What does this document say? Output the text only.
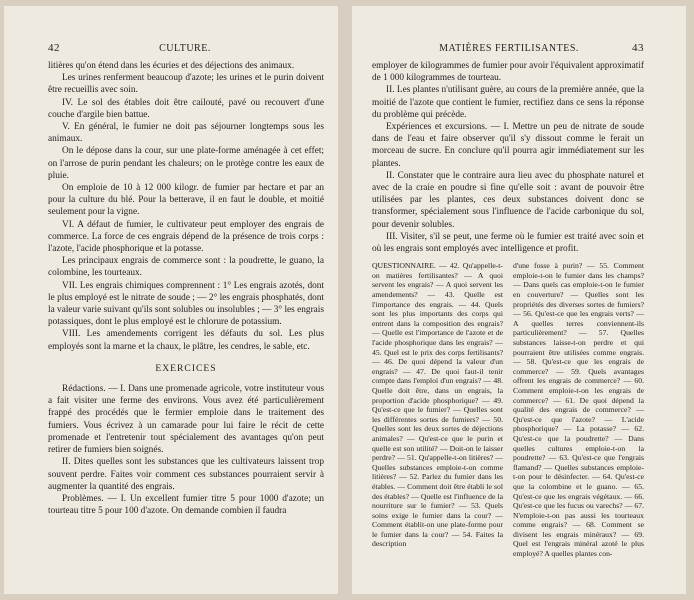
42	CULTURE.

litières qu'on étend dans les écuries et des déjections des animaux.

Les urines renferment beaucoup d'azote; les urines et le purin doivent être recueillis avec soin.

IV. Le sol des étables doit être cailouté, pavé ou recouvert d'une couche d'argile bien battue.

V. En général, le fumier ne doit pas séjourner longtemps sous les animaux.

On le dépose dans la cour, sur une plate-forme aménagée à cet effet; on l'arrose de purin pendant les chaleurs; on le protège contre les eaux de pluie.

On emploie de 10 à 12 000 kilogr. de fumier par hectare et par an pour la culture du blé. Pour la betterave, il en faut le double, et moitié seulement pour la vigne.

VI. A défaut de fumier, le cultivateur peut employer des engrais de commerce. La force de ces engrais dépend de la présence de trois corps : l'azote, l'acide phosphorique et la potasse.

Les principaux engrais de commerce sont : la poudrette, le guano, la colombine, les tourteaux.

VII. Les engrais chimiques comprennent : 1° Les engrais azotés, dont le plus employé est le nitrate de soude ; — 2° les engrais phosphatés, dont la valeur varie suivant qu'ils sont solubles ou insolubles ; — 3° les engrais potassiques, dont le plus employé est le chlorure de potassium.

VIII. Les amendements corrigent les défauts du sol. Les plus employés sont la marne et la chaux, le plâtre, les cendres, le sable, etc.

EXERCICES

Rédactions. — I. Dans une promenade agricole, votre instituteur vous a fait visiter une ferme des environs. Vous avez été particulièrement frappé des procédés que le fermier emploie dans le traitement des fumiers. Vous écrivez à un camarade pour lui faire le récit de cette promenade et l'entretenir tout spécialement des avantages qu'on peut retirer de fumiers bien soignés.

II. Dites quelles sont les substances que les cultivateurs laissent trop souvent perdre. Faites voir comment ces substances pourraient servir à augmenter la quantité des engrais.

Problèmes. — I. Un excellent fumier titre 5 pour 1000 d'azote; un tourteau titre 5 pour 100 d'azote. On demande combien il faudra

MATIÈRES FERTILISANTES.	43

employer de kilogrammes de fumier pour avoir l'équivalent approximatif de 1 000 kilogrammes de tourteau.

II. Les plantes n'utilisant guère, au cours de la première année, que la moitié de l'azote que contient le fumier, rectifiez dans ce sens la réponse du problème qui précède.

Expériences et excursions. — I. Mettre un peu de nitrate de soude dans de l'eau et faire observer qu'il s'y dissout comme le ferait un morceau de sucre. En conclure qu'il pourra agir immédiatement sur les plantes.

II. Constater que le contraire aura lieu avec du phosphate naturel et avec de la craie en poudre si fine qu'elle soit : avant de pouvoir être utilisées par les plantes, ces deux substances doivent donc se transformer, spécialement sous l'influence de l'acide carbonique du sol, pour devenir solubles.

III. Visiter, s'il se peut, une ferme où le fumier est traité avec soin et où les engrais sont employés avec intelligence et profit.

QUESTIONNAIRE. — 42. Qu'appelle-t-on matières fertilisantes? — A quoi servent les engrais? — A quoi servent les amendements? — 43. Quelle est l'importance des engrais. — 44. Quels sont les plus importants des corps qui entrent dans la composition des engrais? — Quelle est l'importance de l'azote et de l'acide phosphorique dans les engrais? — 45. Quel est le prix des corps fertilisants? — 46. De quoi dépend la valeur d'un engrais? — 47. De quoi faut-il tenir compte dans l'emploi d'un engrais? — 48. Quelle doit être, dans un engrais, la proportion d'acide phosphorique? — 49. Qu'est-ce que le fumier? — Quelles sont les différentes sortes de fumiers? — 50. Quelles sont les deux sortes de déjections animales? — Qu'est-ce que le purin et quelle est son utilité? — Doit-on le laisser perdre? — 51. Qu'appelle-t-on litières? — Quelles substances emploie-t-on comme litières? — 52. Parlez du fumier dans les étables. — Comment doit être établi le sol des étables? — Quelle est l'influence de la nourriture sur le fumier? — 53. Quels soins exige le fumier dans la cour? — Comment établit-on une plate-forme pour le fumier dans la cour? — 54. Faites la description
d'une fosse à purin? — 55. Comment emploie-t-on le fumier dans les champs? — Dans quels cas emploie-t-on le fumier en couverture? — Quelles sont les propriétés des diverses sortes de fumiers? — 56. Qu'est-ce que les engrais verts? — A quelles terres conviennent-ils particulièrement? — 57. Quelles substances laisse-t-on perdre et qui pourraient être utilisées comme engrais. — 58. Qu'est-ce que les engrais de commerce? — 59. Quels avantages offrent les engrais de commerce? — 60. Comment emploie-t-on les engrais de commerce? — 61. De quoi dépend la qualité des engrais de commerce? — Qu'est-ce que l'azote? — L'acide phosphorique? — La potasse? — 62. Qu'est-ce que la poudrette? — Dans quelles cultures emploie-t-on la poudrette? — 63. Qu'est-ce que l'engrais flamand? — Quelles substances emploie-t-on pour le désinfecter. — 64. Qu'est-ce que la colombine et le guano. — 65. Qu'est-ce que les engrais végétaux. — 66. Qu'est-ce que les fucus ou varechs? — 67. N'emploie-t-on pas aussi les tourteaux comme engrais? — 68. Comment se divisent les engrais minéraux? — 69. Quel est l'engrais minéral azoté le plus employé? A quelles plantes con-
